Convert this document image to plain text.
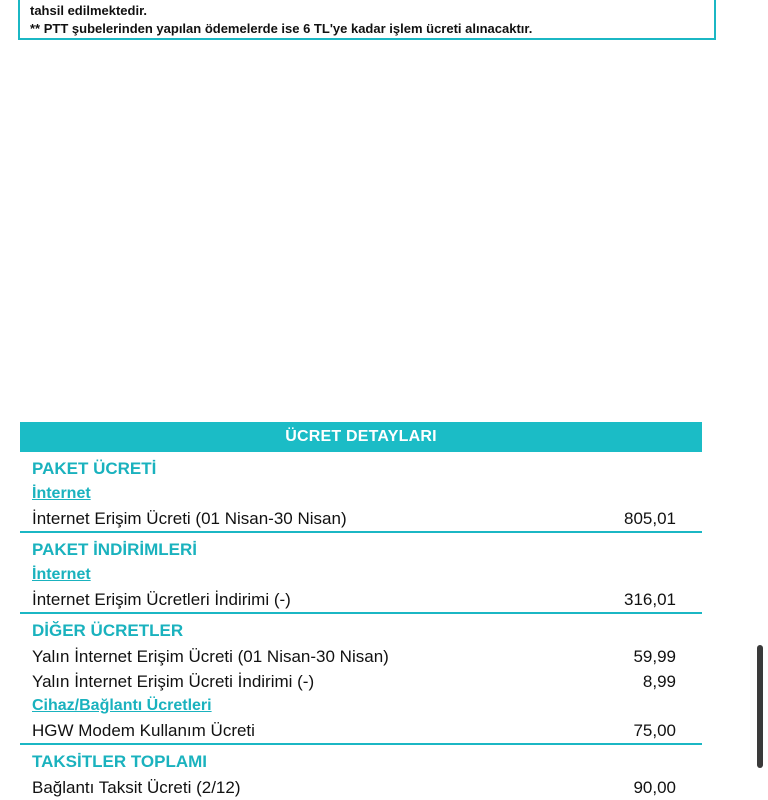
tahsil edilmektedir.
** PTT şubelerinden yapılan ödemelerde ise 6 TL'ye kadar işlem ücreti alınacaktır.
ÜCRET DETAYLARI
PAKET ÜCRETİ
İnternet
İnternet Erişim Ücreti (01 Nisan-30 Nisan)	805,01
PAKET İNDİRİMLERİ
İnternet
İnternet Erişim Ücretleri İndirimi (-)	316,01
DİĞER ÜCRETLER
Yalın İnternet Erişim Ücreti (01 Nisan-30 Nisan)	59,99
Yalın İnternet Erişim Ücreti İndirimi (-)	8,99
Cihaz/Bağlantı Ücretleri
HGW Modem Kullanım Ücreti	75,00
TAKSİTLER TOPLAMI
Bağlantı Taksit Ücreti (2/12)	90,00
